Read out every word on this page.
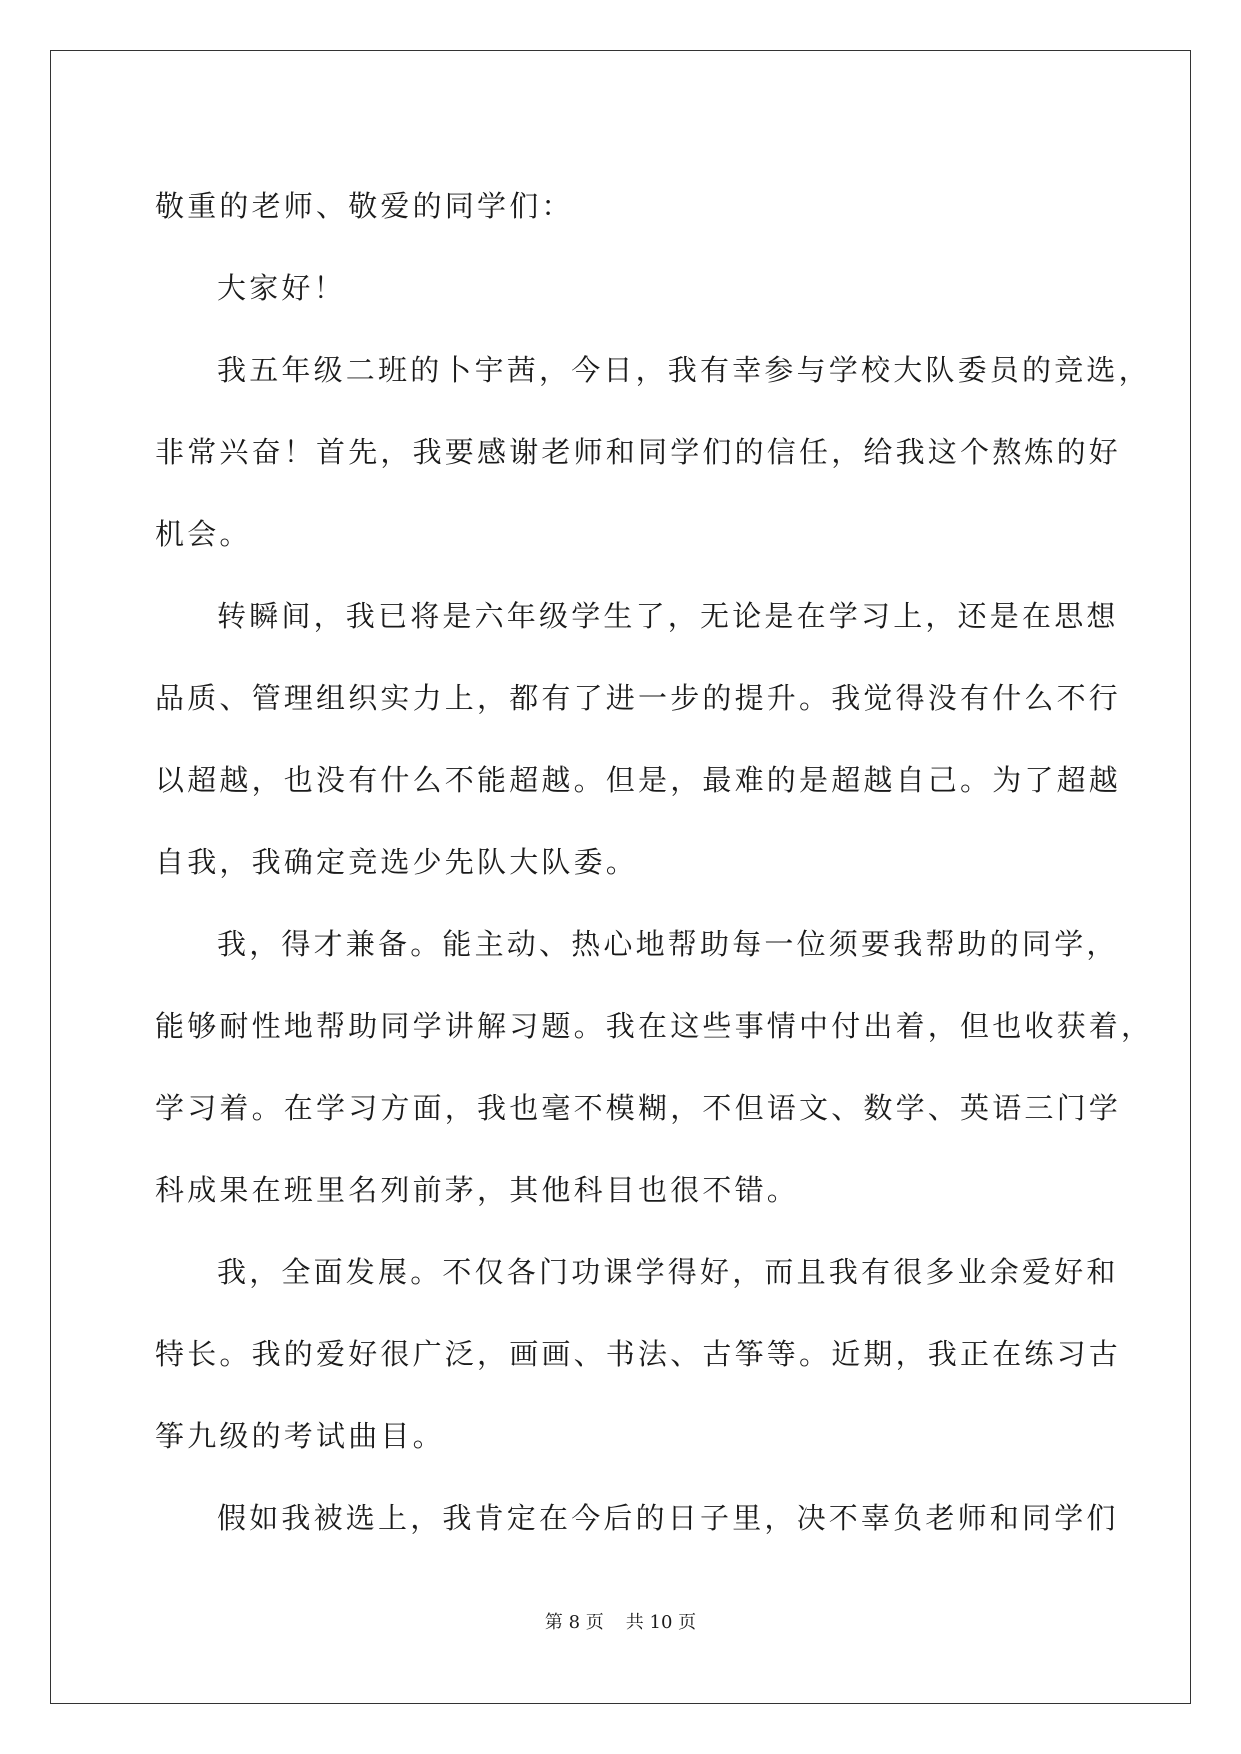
敬重的老师、敬爱的同学们：
大家好！
我五年级二班的卜宇茜，今日，我有幸参与学校大队委员的竞选，
非常兴奋！首先，我要感谢老师和同学们的信任，给我这个熬炼的好
机会。
转瞬间，我已将是六年级学生了，无论是在学习上，还是在思想
品质、管理组织实力上，都有了进一步的提升。我觉得没有什么不行
以超越，也没有什么不能超越。但是，最难的是超越自己。为了超越
自我，我确定竞选少先队大队委。
我，得才兼备。能主动、热心地帮助每一位须要我帮助的同学，
能够耐性地帮助同学讲解习题。我在这些事情中付出着，但也收获着，
学习着。在学习方面，我也毫不模糊，不但语文、数学、英语三门学
科成果在班里名列前茅，其他科目也很不错。
我，全面发展。不仅各门功课学得好，而且我有很多业余爱好和
特长。我的爱好很广泛，画画、书法、古筝等。近期，我正在练习古
筝九级的考试曲目。
假如我被选上，我肯定在今后的日子里，决不辜负老师和同学们
第 8 页 共 10 页
